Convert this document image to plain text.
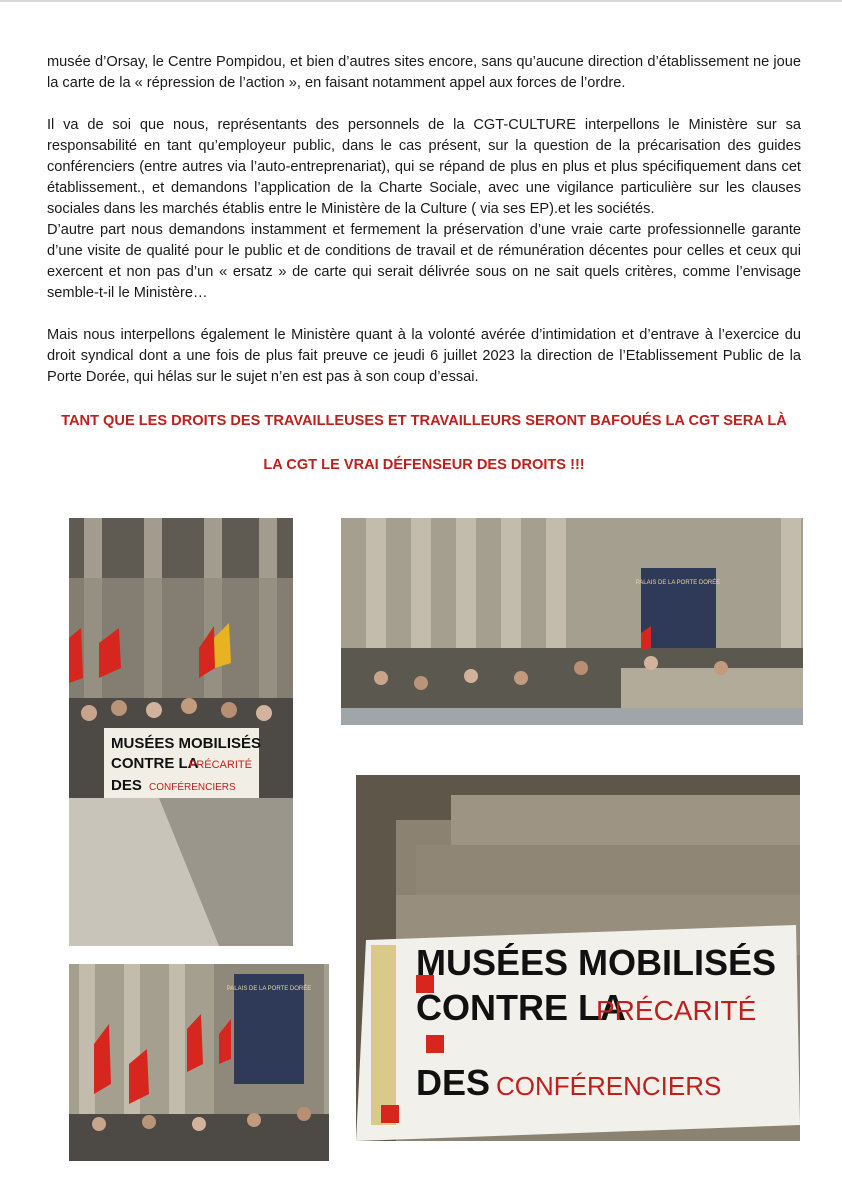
musée d’Orsay, le Centre Pompidou, et bien d’autres sites encore, sans qu’aucune direction d’établissement ne joue la carte de la « répression de l’action », en faisant notamment appel aux forces de l’ordre.

Il va de soi que nous, représentants des personnels de la CGT-CULTURE interpellons le Ministère sur sa responsabilité en tant qu’employeur public, dans le cas présent, sur la question de la précarisation des guides conférenciers (entre autres via l’auto-entreprenariat), qui se répand de plus en plus et plus spécifiquement dans cet établissement., et demandons l’application de la Charte Sociale, avec une vigilance particulière sur les clauses sociales dans les marchés établis entre le Ministère de la Culture ( via ses EP).et les sociétés.

D’autre part nous demandons instamment et fermement la préservation d’une vraie carte professionnelle garante d’une visite de qualité pour le public et de conditions de travail et de rémunération décentes pour celles et ceux qui exercent et non pas d’un « ersatz » de carte qui serait délivrée sous on ne sait quels critères, comme l’envisage semble-t-il le Ministère…

Mais nous interpellons également le Ministère quant à la volonté avérée d’intimidation et d’entrave à l’exercice du droit syndical dont a une fois de plus fait preuve ce jeudi 6 juillet 2023 la direction de l’Etablissement Public de la Porte Dorée, qui hélas sur le sujet n’en est pas à son coup d’essai.

TANT QUE LES DROITS DES TRAVAILLEUSES ET TRAVAILLEURS SERONT BAFOUÉS LA CGT SERA LÀ
LA CGT LE VRAI DÉFENSEUR DES DROITS !!!
MUSÉES MOBILISÉS
CONTRE LA
PRÉCARITÉ
DES CONFÉRENCIERS
PALAIS DE LA PORTE DORÉE
MUSÉES MOBILISÉS
CONTRE LA
PRÉCARITÉ
DES CONFÉRENCIERS
PALAIS DE LA PORTE DORÉE
